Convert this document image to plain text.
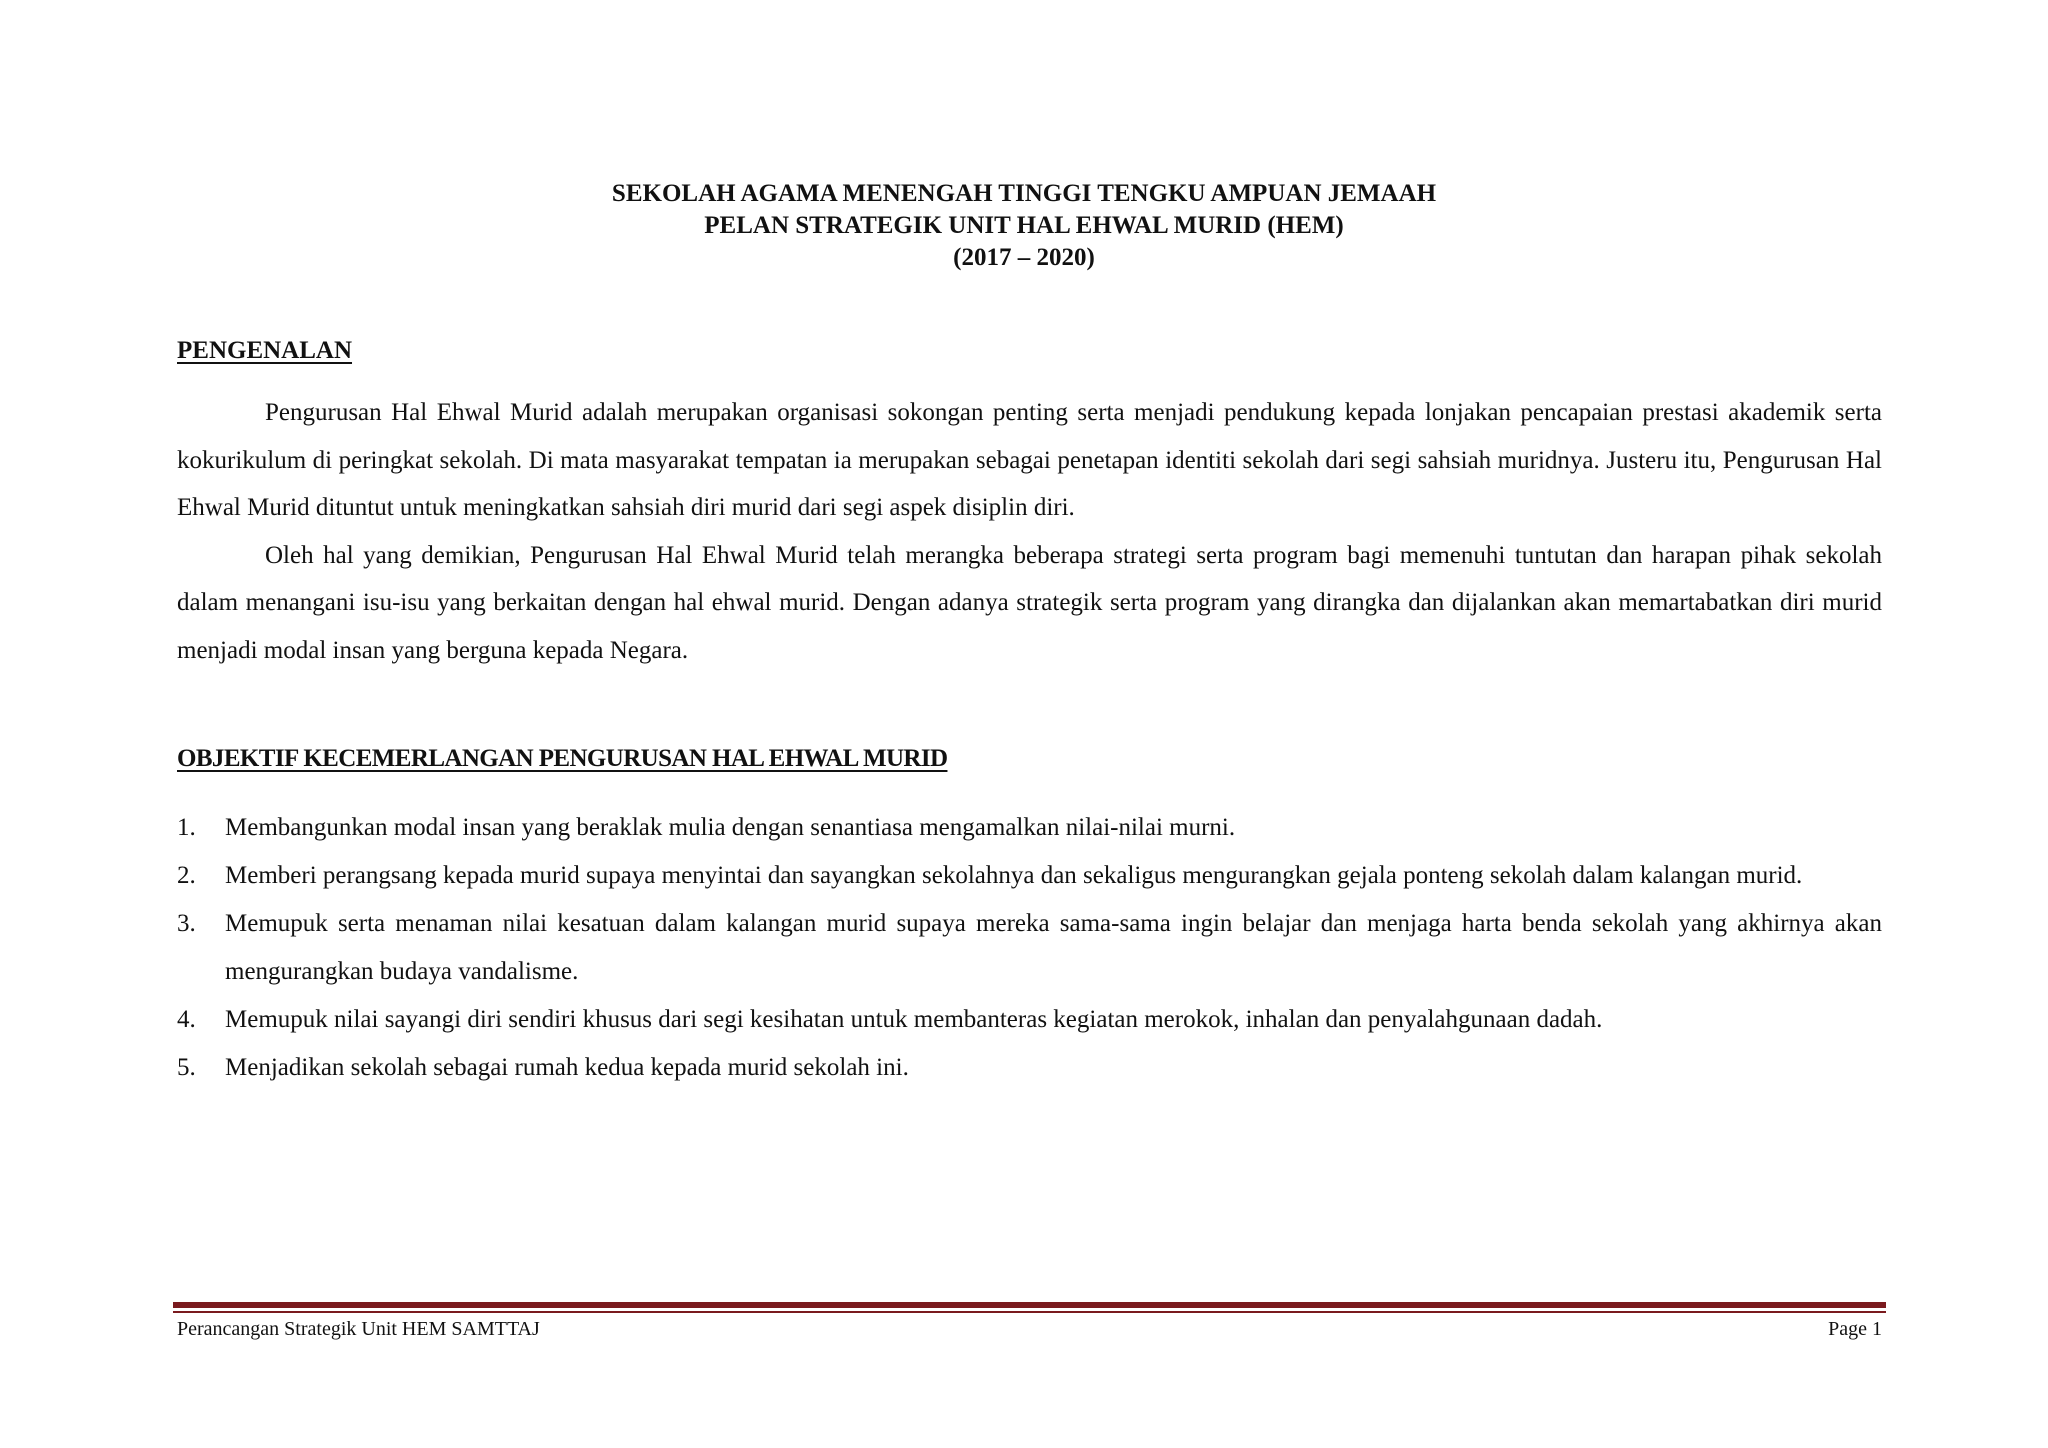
SEKOLAH AGAMA MENENGAH TINGGI TENGKU AMPUAN JEMAAH
PELAN STRATEGIK UNIT HAL EHWAL MURID (HEM)
(2017 – 2020)
PENGENALAN

Pengurusan Hal Ehwal Murid adalah merupakan organisasi sokongan penting serta menjadi pendukung kepada lonjakan pencapaian prestasi akademik serta kokurikulum di peringkat sekolah. Di mata masyarakat tempatan ia merupakan sebagai penetapan identiti sekolah dari segi sahsiah muridnya. Justeru itu, Pengurusan Hal Ehwal Murid dituntut untuk meningkatkan sahsiah diri murid dari segi aspek disiplin diri.

Oleh hal yang demikian, Pengurusan Hal Ehwal Murid telah merangka beberapa strategi serta program bagi memenuhi tuntutan dan harapan pihak sekolah dalam menangani isu-isu yang berkaitan dengan hal ehwal murid. Dengan adanya strategik serta program yang dirangka dan dijalankan akan memartabatkan diri murid menjadi modal insan yang berguna kepada Negara.

OBJEKTIF KECEMERLANGAN PENGURUSAN HAL EHWAL MURID
1.	Membangunkan modal insan yang beraklak mulia dengan senantiasa mengamalkan nilai-nilai murni.
2.	Memberi perangsang kepada murid supaya menyintai dan sayangkan sekolahnya dan sekaligus mengurangkan gejala ponteng sekolah dalam kalangan murid.
3.	Memupuk serta menaman nilai kesatuan dalam kalangan murid supaya mereka sama-sama ingin belajar dan menjaga harta benda sekolah yang akhirnya akan mengurangkan budaya vandalisme.
4.	Memupuk nilai sayangi diri sendiri khusus dari segi kesihatan untuk membanteras kegiatan merokok, inhalan dan penyalahgunaan dadah.
5.	Menjadikan sekolah sebagai rumah kedua kepada murid sekolah ini.
Perancangan Strategik Unit HEM SAMTTAJ	Page 1
